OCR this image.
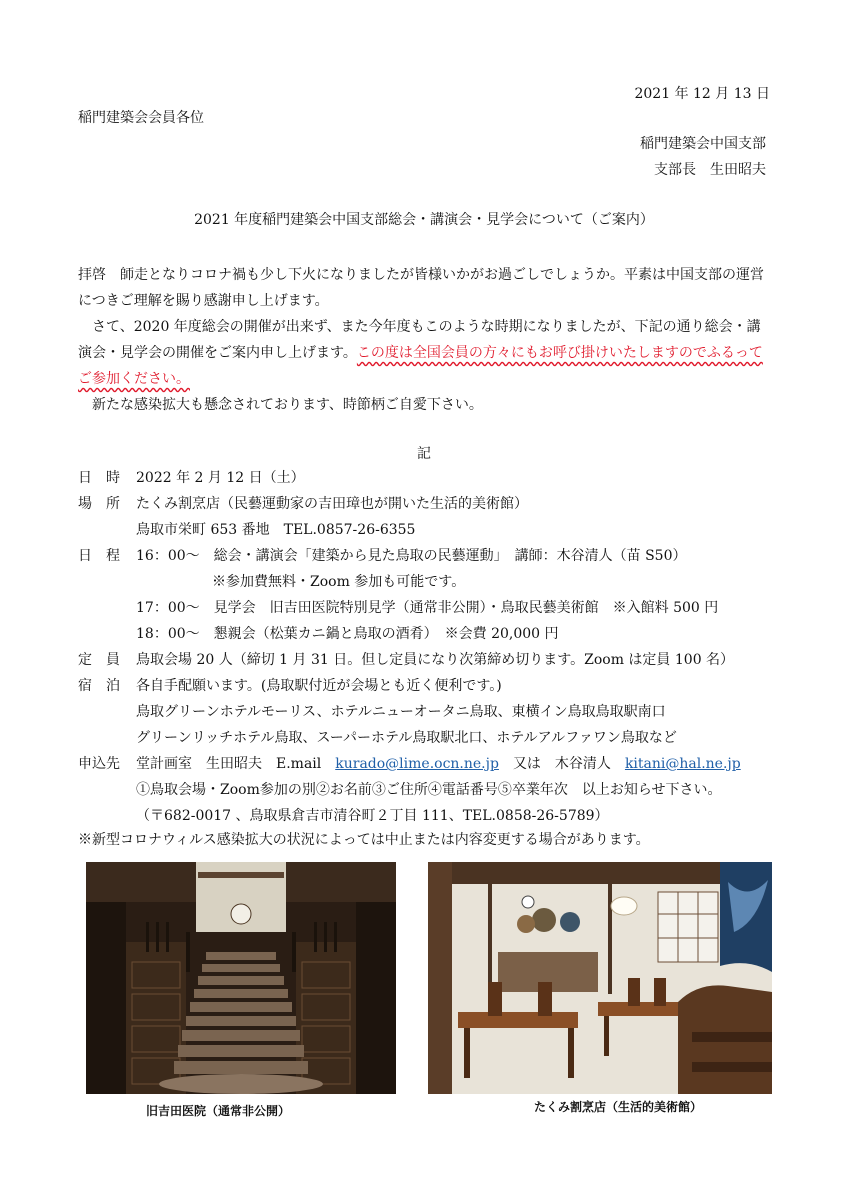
2021 年 12 月 13 日
稲門建築会会員各位
稲門建築会中国支部
支部長　生田昭夫
2021 年度稲門建築会中国支部総会・講演会・見学会について（ご案内）
拝啓　師走となりコロナ禍も少し下火になりましたが皆様いかがお過ごしでしょうか。平素は中国支部の運営につきご理解を賜り感謝申し上げます。
さて、2020 年度総会の開催が出来ず、また今年度もこのような時期になりましたが、下記の通り総会・講演会・見学会の開催をご案内申し上げます。この度は全国会員の方々にもお呼び掛けいたしますのでふるってご参加ください。
新たな感染拡大も懸念されております、時節柄ご自愛下さい。
記
日　時 2022 年 2 月 12 日（土）
場　所 たくみ割烹店（民藝運動家の吉田璋也が開いた生活的美術館）
鳥取市栄町 653 番地　TEL.0857-26-6355
日　程 16：00～　総会・講演会「建築から見た鳥取の民藝運動」　講師：木谷清人（苗 S50）
※参加費無料・Zoom 参加も可能です。
17：00～　見学会　旧吉田医院特別見学（通常非公開）・鳥取民藝美術館　※入館料 500 円
18：00～　懇親会（松葉カニ鍋と鳥取の酒肴）　※会費 20,000 円
定　員 鳥取会場 20 人（締切 1 月 31 日。但し定員になり次第締め切ります。Zoom は定員 100 名）
宿　泊 各自手配願います。(鳥取駅付近が会場とも近く便利です。)
鳥取グリーンホテルモーリス、ホテルニューオータニ鳥取、東横イン鳥取鳥取駅南口
グリーンリッチホテル鳥取、スーパーホテル鳥取駅北口、ホテルアルファワン鳥取など
申込先 堂計画室　生田昭夫　E.mail　 kurado@lime.ocn.ne.jp　 又は　木谷清人　 kitani@hal.ne.jp
①鳥取会場・Zoom参加の別②お名前③ご住所④電話番号⑤卒業年次　以上お知らせ下さい。
（〒682-0017 、鳥取県倉吉市清谷町２丁目 111、TEL.0858-26-5789）
※新型コロナウィルス感染拡大の状況によっては中止または内容変更する場合があります。
旧吉田医院（通常非公開）	たくみ割烹店（生活的美術館）
